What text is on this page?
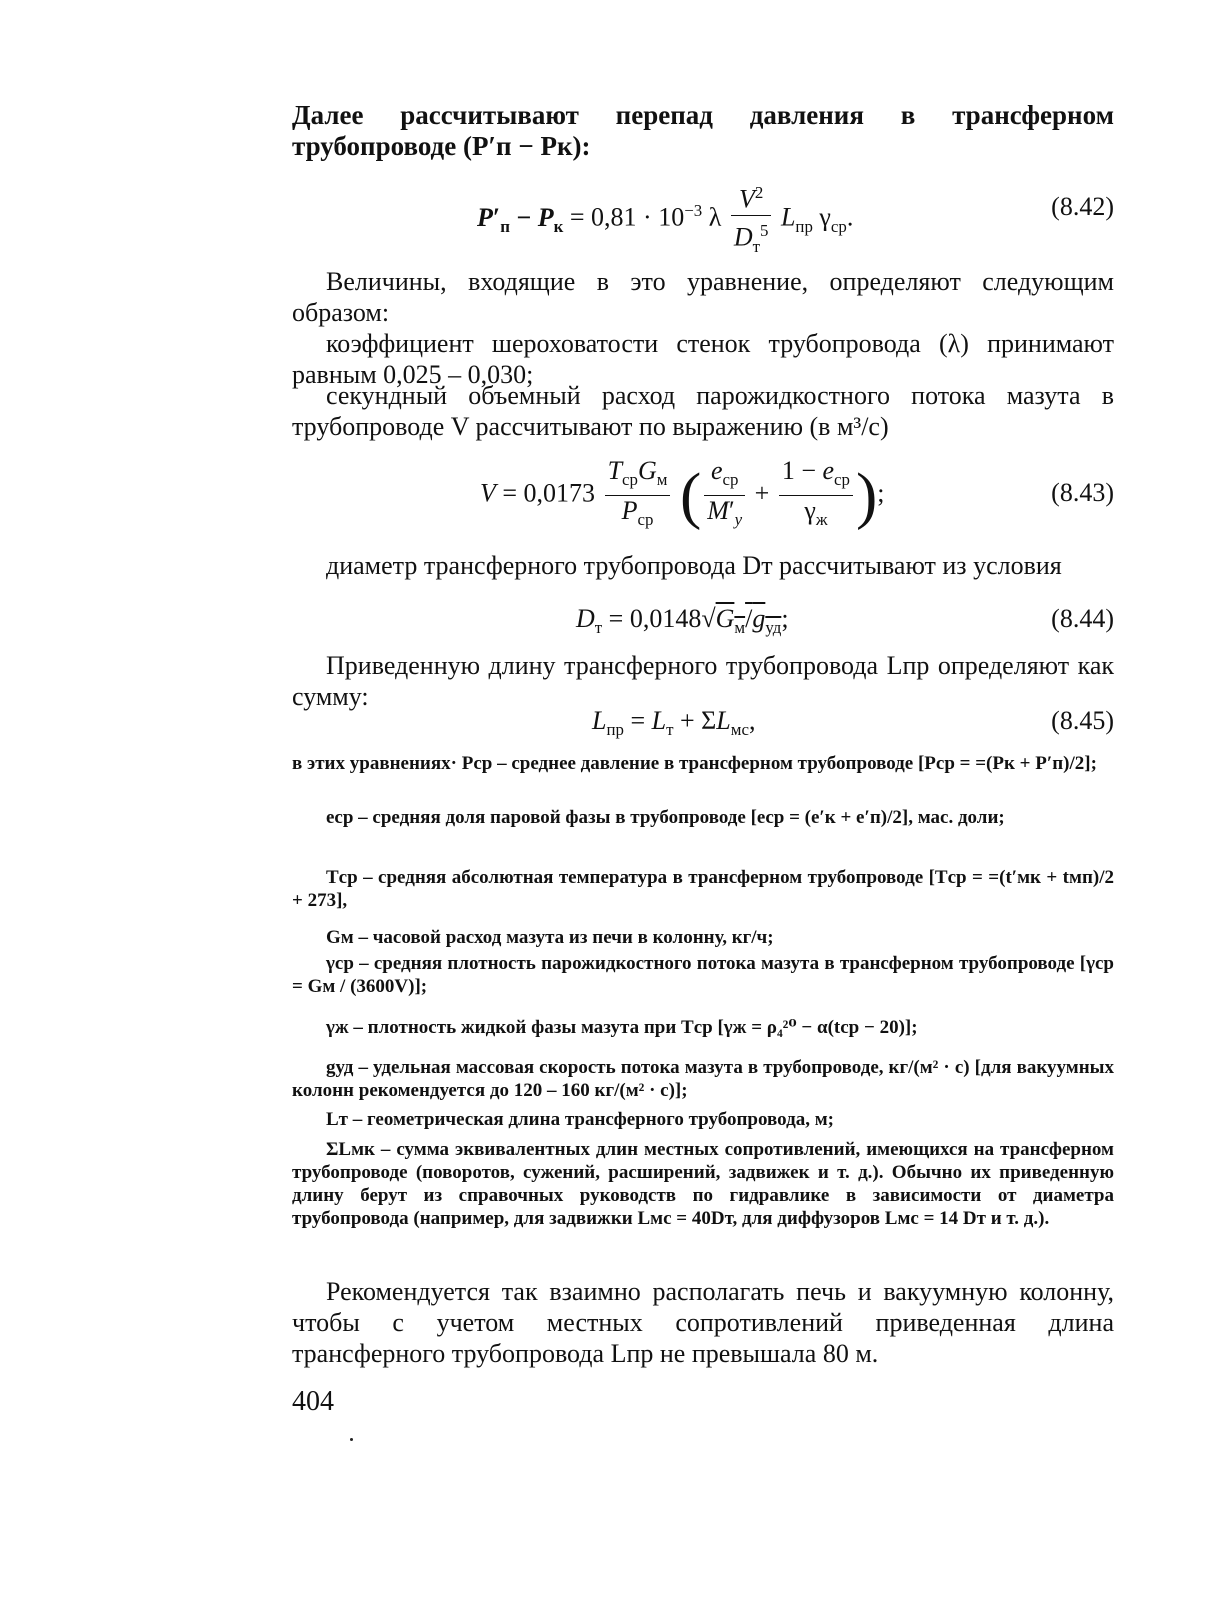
Далее рассчитывают перепад давления в трансферном трубопроводе (P′п − Pк):

$P'_п - P_к = 0,81 \cdot 10^{-3}$ λ $\frac{V^2}{D_т^5} L_{пр}$ $\gamma_{ср}$.	(8.42)

Величины, входящие в это уравнение, определяют следующим образом:

коэффициент шероховатости стенок трубопровода (λ) принимают равным 0,025 – 0,030;

секундный объемный расход парожидкостного потока мазута в трубопроводе V рассчитывают по выражению (в м³/с)

$V = 0,0173 \frac{T_{ср}G_м}{P_{ср}}$ ( $\frac{e_{ср}}{M'_y} + \frac{1 - e_{ср}}{\gamma_ж}$ );	(8.43)

диаметр трансферного трубопровода Dт рассчитывают из условия

$D_т = 0,0148√G_м/g_{уд}$;	(8.44)

Приведенную длину трансферного трубопровода Lпр определяют как сумму:

$L_{пр} = L_т + \Sigma L_{мс}$,	(8.45)

в этих уравнениях· Pср – среднее давление в трансферном трубопроводе [Pср = =(Pк + P′п)/2];

eср – средняя доля паровой фазы в трубопроводе [eср = (e′к + e′п)/2], мас. доли;

Tср – средняя абсолютная температура в трансферном трубопроводе [Tср = =(t′мк + tмп)/2 + 273],

Gм – часовой расход мазута из печи в колонну, кг/ч;

γср – средняя плотность парожидкостного потока мазута в трансферном трубопроводе [γср = Gм / (3600V)];

γж – плотность жидкой фазы мазута при Tср [γж = ρ₄²⁰ − α(tср − 20)];

gуд – удельная массовая скорость потока мазута в трубопроводе, кг/(м² · с) [для вакуумных колонн рекомендуется до 120 – 160 кг/(м² · с)];

Lт – геометрическая длина трансферного трубопровода, м;

ΣLмк – сумма эквивалентных длин местных сопротивлений, имеющихся на трансферном трубопроводе (поворотов, сужений, расширений, задвижек и т. д.). Обычно их приведенную длину берут из справочных руководств по гидравлике в зависимости от диаметра трубопровода (например, для задвижки Lмс = 40Dт, для диффузоров Lмс = 14 Dт и т. д.).

Рекомендуется так взаимно располагать печь и вакуумную колонну, чтобы с учетом местных сопротивлений приведенная длина трансферного трубопровода Lпр не превышала 80 м.

404
